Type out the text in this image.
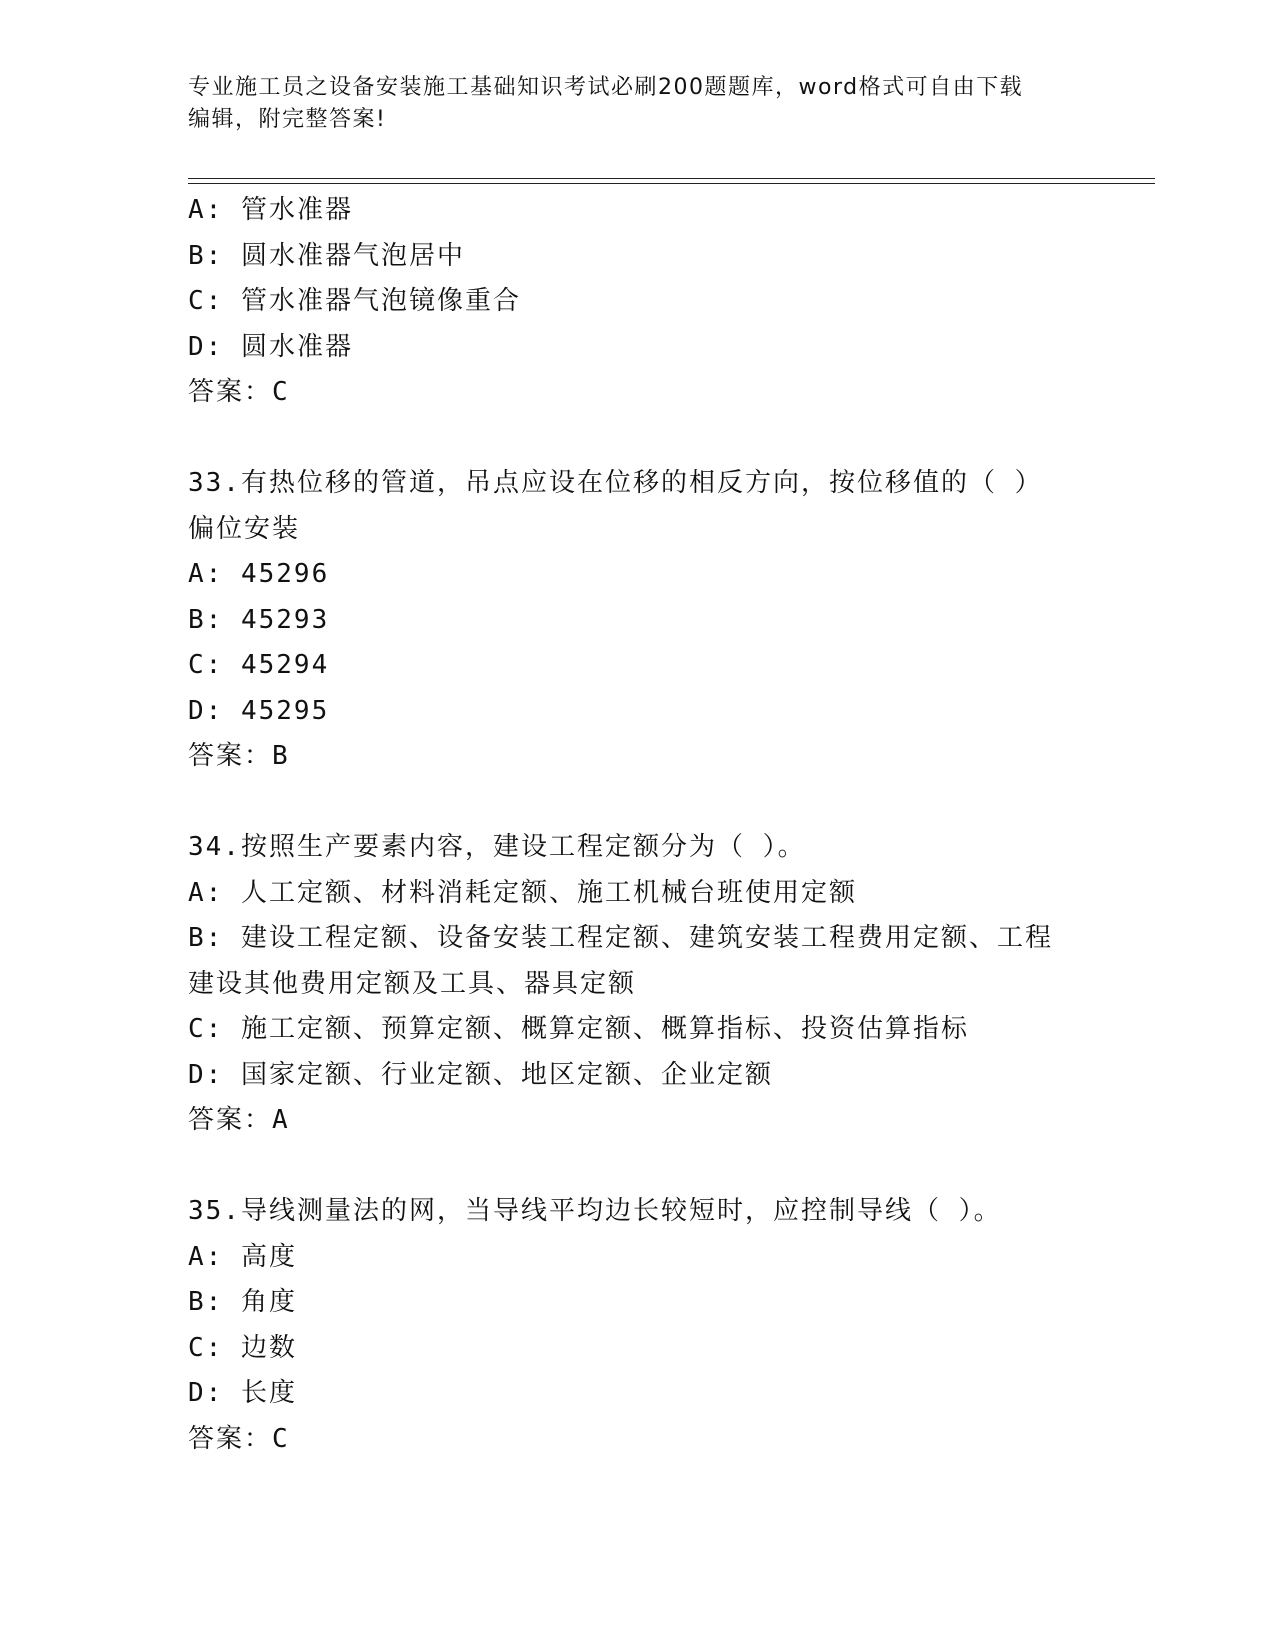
专业施工员之设备安装施工基础知识考试必刷200题题库，word格式可自由下载
编辑，附完整答案!
A: 管水准器
B: 圆水准器气泡居中
C: 管水准器气泡镜像重合
D: 圆水准器
答案：C
33.有热位移的管道，吊点应设在位移的相反方向，按位移值的（ ）
偏位安装
A: 45296
B: 45293
C: 45294
D: 45295
答案：B
34.按照生产要素内容，建设工程定额分为（ ）。
A: 人工定额、材料消耗定额、施工机械台班使用定额
B: 建设工程定额、设备安装工程定额、建筑安装工程费用定额、工程
建设其他费用定额及工具、器具定额
C: 施工定额、预算定额、概算定额、概算指标、投资估算指标
D: 国家定额、行业定额、地区定额、企业定额
答案：A
35.导线测量法的网，当导线平均边长较短时，应控制导线（ ）。
A: 高度
B: 角度
C: 边数
D: 长度
答案：C
